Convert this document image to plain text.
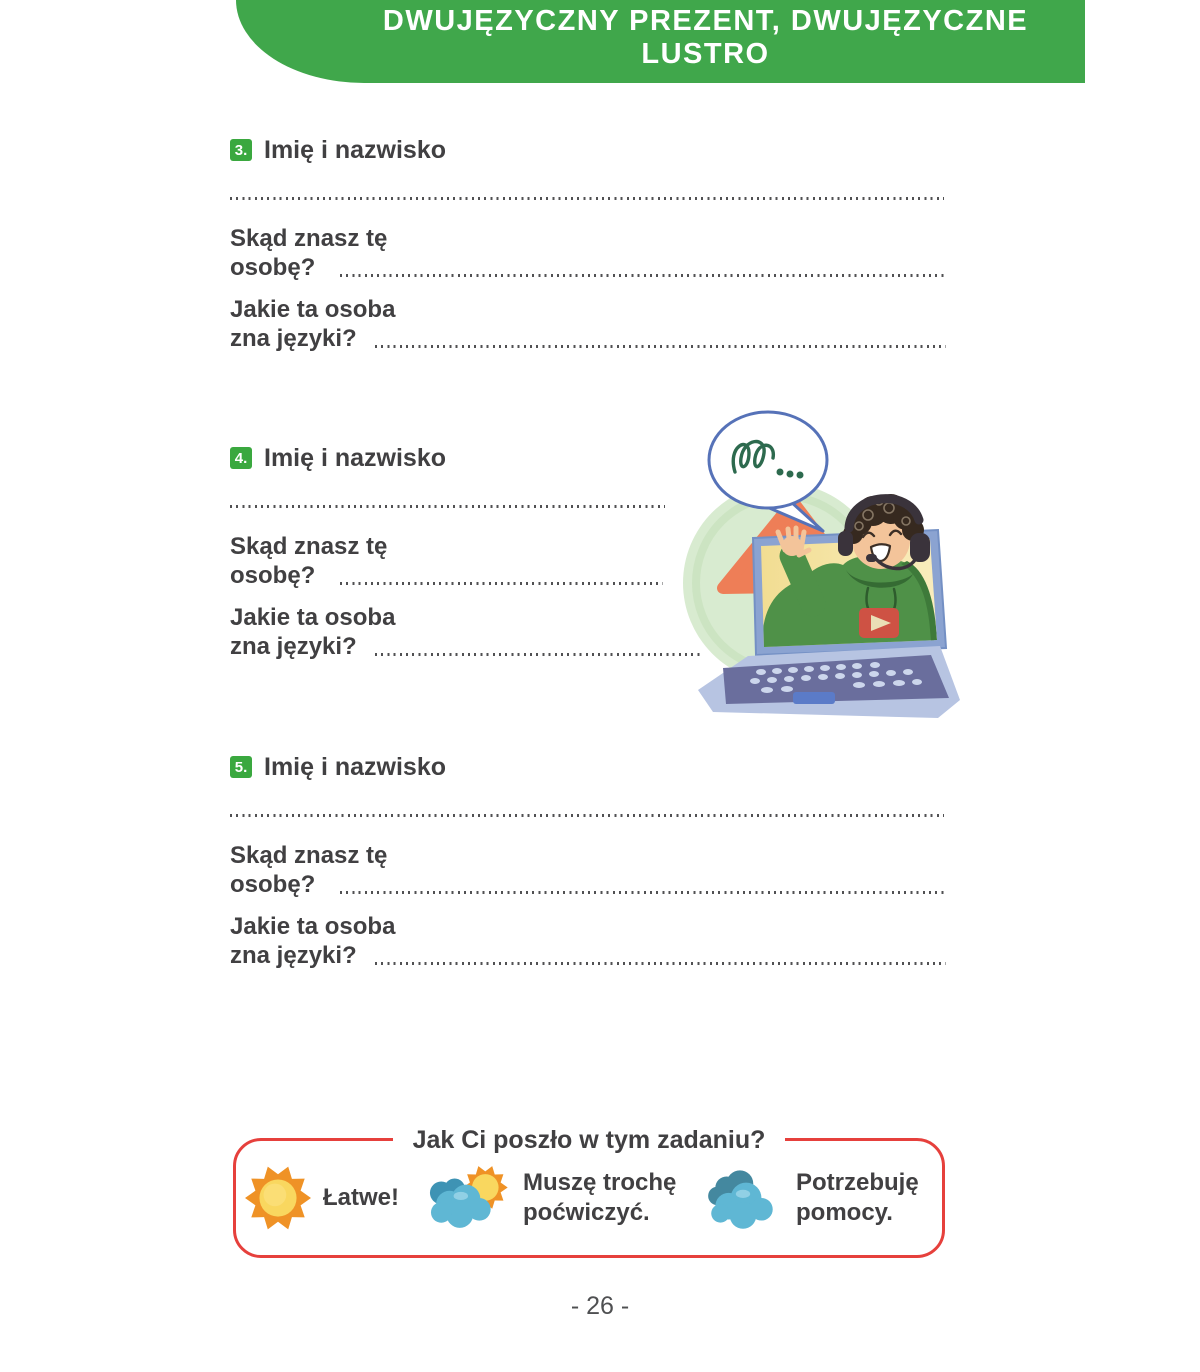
DWUJĘZYCZNY PREZENT, DWUJĘZYCZNE LUSTRO
3. Imię i nazwisko
Skąd znasz tę
osobę?
Jakie ta osoba
zna języki?
4. Imię i nazwisko
Skąd znasz tę
osobę?
Jakie ta osoba
zna języki?
5. Imię i nazwisko
Skąd znasz tę
osobę?
Jakie ta osoba
zna języki?
Jak Ci poszło w tym zadaniu?
Łatwe!
Muszę trochę
poćwiczyć.
Potrzebuję
pomocy.
- 26 -
